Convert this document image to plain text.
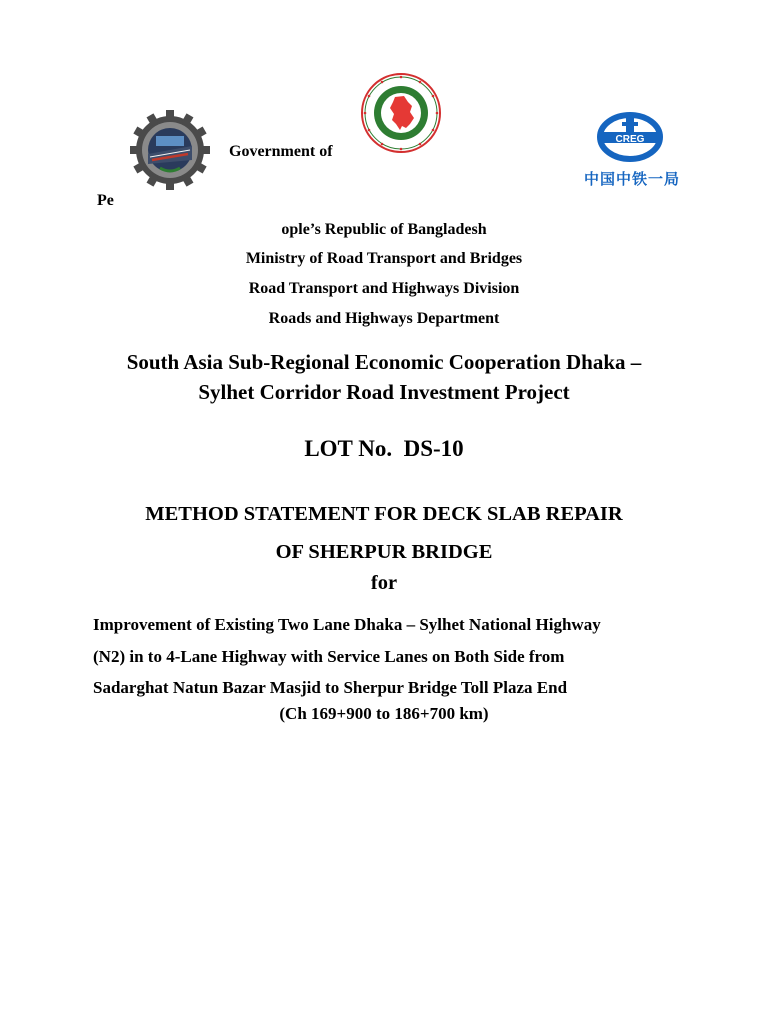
CREG
中国中铁一局
Government of
Pe
ople’s Republic of Bangladesh
Ministry of Road Transport and Bridges
Road Transport and Highways Division
Roads and Highways Department
South Asia Sub-Regional Economic Cooperation Dhaka –
Sylhet Corridor Road Investment Project
LOT No.  DS-10
METHOD STATEMENT FOR DECK SLAB REPAIR
OF SHERPUR BRIDGE
for
Improvement of Existing Two Lane Dhaka – Sylhet National Highway
(N2) in to 4-Lane Highway with Service Lanes on Both Side from
Sadarghat Natun Bazar Masjid to Sherpur Bridge Toll Plaza End
(Ch 169+900 to 186+700 km)
